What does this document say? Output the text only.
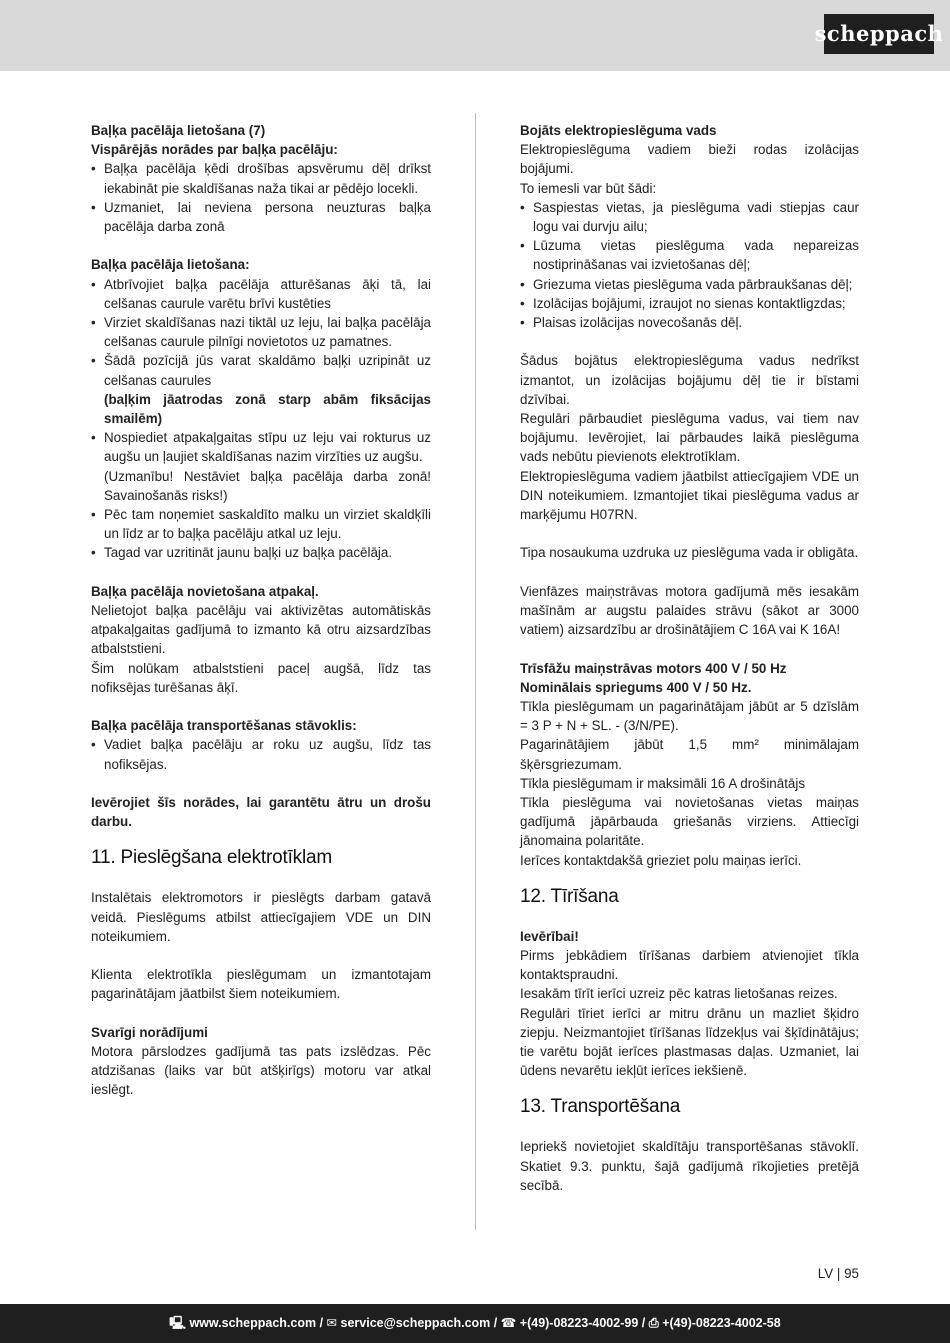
scheppach

Baļķa pacēlāja lietošana (7)

Vispārējās norādes par baļķa pacēlāju:

• Baļķa pacēlāja ķēdi drošības apsvērumu dēļ drīkst iekabināt pie skaldīšanas naža tikai ar pēdējo locekli.
• Uzmaniet, lai neviena persona neuzturas baļķa pacēlāja darba zonā

Baļķa pacēlāja lietošana:

• Atbrīvojiet baļķa pacēlāja atturēšanas āķi tā, lai celšanas caurule varētu brīvi kustēties
• Virziet skaldīšanas nazi tiktāl uz leju, lai baļķa pacēlāja celšanas caurule pilnīgi novietotos uz pamatnes.
• Šādā pozīcijā jūs varat skaldāmo baļķi uzripināt uz celšanas caurules

(baļķim jāatrodas zonā starp abām fiksācijas smailēm)

• Nospiediet atpakaļgaitas stīpu uz leju vai rokturus uz augšu un ļaujiet skaldīšanas nazim virzīties uz augšu.

(Uzmanību! Nestāviet baļķa pacēlāja darba zonā! Savainošanās risks!)

• Pēc tam noņemiet saskaldīto malku un virziet skaldķīli un līdz ar to baļķa pacēlāju atkal uz leju.
• Tagad var uzritināt jaunu baļķi uz baļķa pacēlāja.

Baļķa pacēlāja novietošana atpakaļ.

Nelietojot baļķa pacēlāju vai aktivizētas automātiskās atpakaļgaitas gadījumā to izmanto kā otru aizsardzības atbalststieni.

Šim nolūkam atbalststieni paceļ augšā, līdz tas nofiksējas turēšanas āķī.

Baļķa pacēlāja transportēšanas stāvoklis:

• Vadiet baļķa pacēlāju ar roku uz augšu, līdz tas nofiksējas.

Ievērojiet šīs norādes, lai garantētu ātru un drošu darbu.

11. Pieslēgšana elektrotīklam

Instalētais elektromotors ir pieslēgts darbam gatavā veidā. Pieslēgums atbilst attiecīgajiem VDE un DIN noteikumiem.

Klienta elektrotīkla pieslēgumam un izmantotajam pagarinātājam jāatbilst šiem noteikumiem.

Svarīgi norādījumi

Motora pārslodzes gadījumā tas pats izslēdzas. Pēc atdzišanas (laiks var būt atšķirīgs) motoru var atkal ieslēgt.

Bojāts elektropieslēguma vads

Elektropieslēguma vadiem bieži rodas izolācijas bojājumi.

To iemesli var būt šādi:

• Saspiestas vietas, ja pieslēguma vadi stiepjas caur logu vai durvju ailu;
• Lūzuma vietas pieslēguma vada nepareizas nostiprināšanas vai izvietošanas dēļ;
• Griezuma vietas pieslēguma vada pārbraukšanas dēļ;
• Izolācijas bojājumi, izraujot no sienas kontaktligzdas;
• Plaisas izolācijas novecošanās dēļ.

Šādus bojātus elektropieslēguma vadus nedrīkst izmantot, un izolācijas bojājumu dēļ tie ir bīstami dzīvībai.

Regulāri pārbaudiet pieslēguma vadus, vai tiem nav bojājumu. Ievērojiet, lai pārbaudes laikā pieslēguma vads nebūtu pievienots elektrotīklam.

Elektropieslēguma vadiem jāatbilst attiecīgajiem VDE un DIN noteikumiem. Izmantojiet tikai pieslēguma vadus ar marķējumu H07RN.

Tipa nosaukuma uzdruka uz pieslēguma vada ir obligāta.

Vienfāzes maiņstrāvas motora gadījumā mēs iesakām mašīnām ar augstu palaides strāvu (sākot ar 3000 vatiem) aizsardzību ar drošinātājiem C 16A vai K 16A!

Trīsfāžu maiņstrāvas motors 400 V / 50 Hz

Nominālais spriegums 400 V / 50 Hz.

Tīkla pieslēgumam un pagarinātājam jābūt ar 5 dzīslām = 3 P + N + SL. - (3/N/PE).

Pagarinātājiem jābūt 1,5 mm² minimālajam šķērsgriezumam.

Tīkla pieslēgumam ir maksimāli 16 A drošinātājs

Tīkla pieslēguma vai novietošanas vietas maiņas gadījumā jāpārbauda griešanās virziens. Attiecīgi jānomaina polaritāte.

Ierīces kontaktdakšā grieziet polu maiņas ierīci.

12. Tīrīšana

Ievērībai!

Pirms jebkādiem tīrīšanas darbiem atvienojiet tīkla kontaktspraudni.

Iesakām tīrīt ierīci uzreiz pēc katras lietošanas reizes.

Regulāri tīriet ierīci ar mitru drānu un mazliet šķidro ziepju. Neizmantojiet tīrīšanas līdzekļus vai šķīdinātājus; tie varētu bojāt ierīces plastmasas daļas. Uzmaniet, lai ūdens nevarētu iekļūt ierīces iekšienē.

13. Transportēšana

Iepriekš novietojiet skaldītāju transportēšanas stāvoklī. Skatiet 9.3. punktu, šajā gadījumā rīkojieties pretējā secībā.

LV | 95
🖳︎
www.scheppach.com /
✉
service@scheppach.com /
☎
+(49)-08223-4002-99 /
⎙
+(49)-08223-4002-58
